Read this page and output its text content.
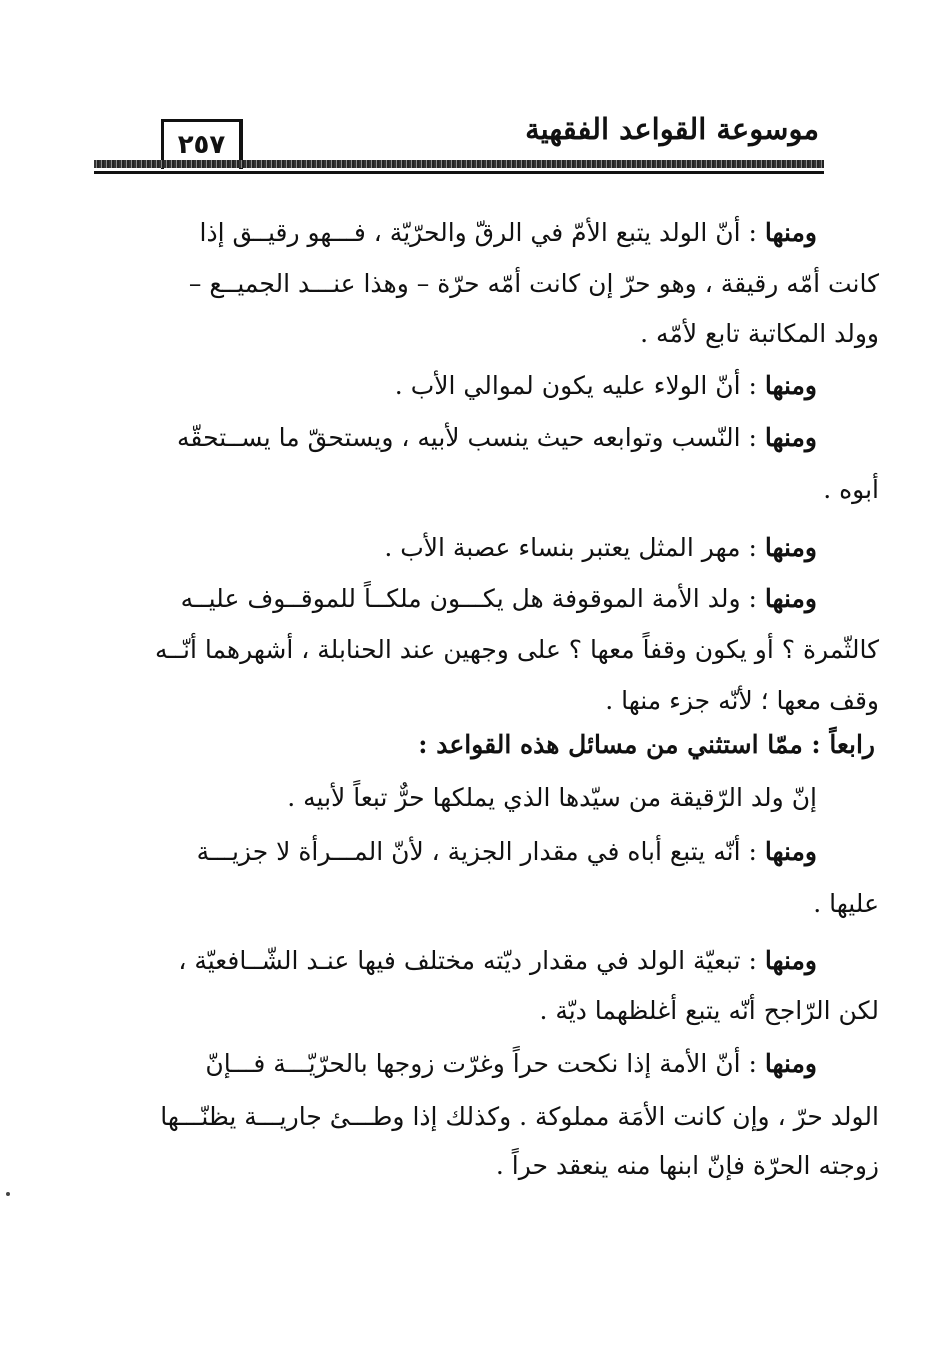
موسوعة القواعد الفقهية
٢٥٧
ومنها : أنّ الولد يتبع الأمّ في الرقّ والحرّيّة ، فـــهو رقيــق إذا
كانت أمّه رقيقة ، وهو حرّ إن كانت أمّه حرّة – وهذا عنـــد الجميــع –
وولد المكاتبة تابع لأمّه .
ومنها : أنّ الولاء عليه يكون لموالي الأب .
ومنها : النّسب وتوابعه حيث ينسب لأبيه ، ويستحقّ ما يســتحقّه
أبوه .
ومنها : مهر المثل يعتبر بنساء عصبة الأب .
ومنها : ولد الأمة الموقوفة هل يكـــون ملكــاً للموقــوف عليــه
كالثّمرة ؟ أو يكون وقفاً معها ؟ على وجهين عند الحنابلة ، أشهرهما أنّــه
وقف معها ؛ لأنّه جزء منها .
رابعاً : ممّا استثني من مسائل هذه القواعد :
إنّ ولد الرّقيقة من سيّدها الذي يملكها حرٌّ تبعاً لأبيه .
ومنها : أنّه يتبع أباه في مقدار الجزية ، لأنّ المـــرأة لا جزيـــة
عليها .
ومنها : تبعيّة الولد في مقدار ديّته مختلف فيها عنـد الشّــافعيّة ،
لكن الرّاجح أنّه يتبع أغلظهما ديّة .
ومنها : أنّ الأمة إذا نكحت حراً وغرّت زوجها بالحرّيّـــة فـــإنّ
الولد حرّ ، وإن كانت الأمَة مملوكة . وكذلك إذا وطـــئ جاريـــة يظنّـــها
زوجته الحرّة فإنّ ابنها منه ينعقد حراً .
